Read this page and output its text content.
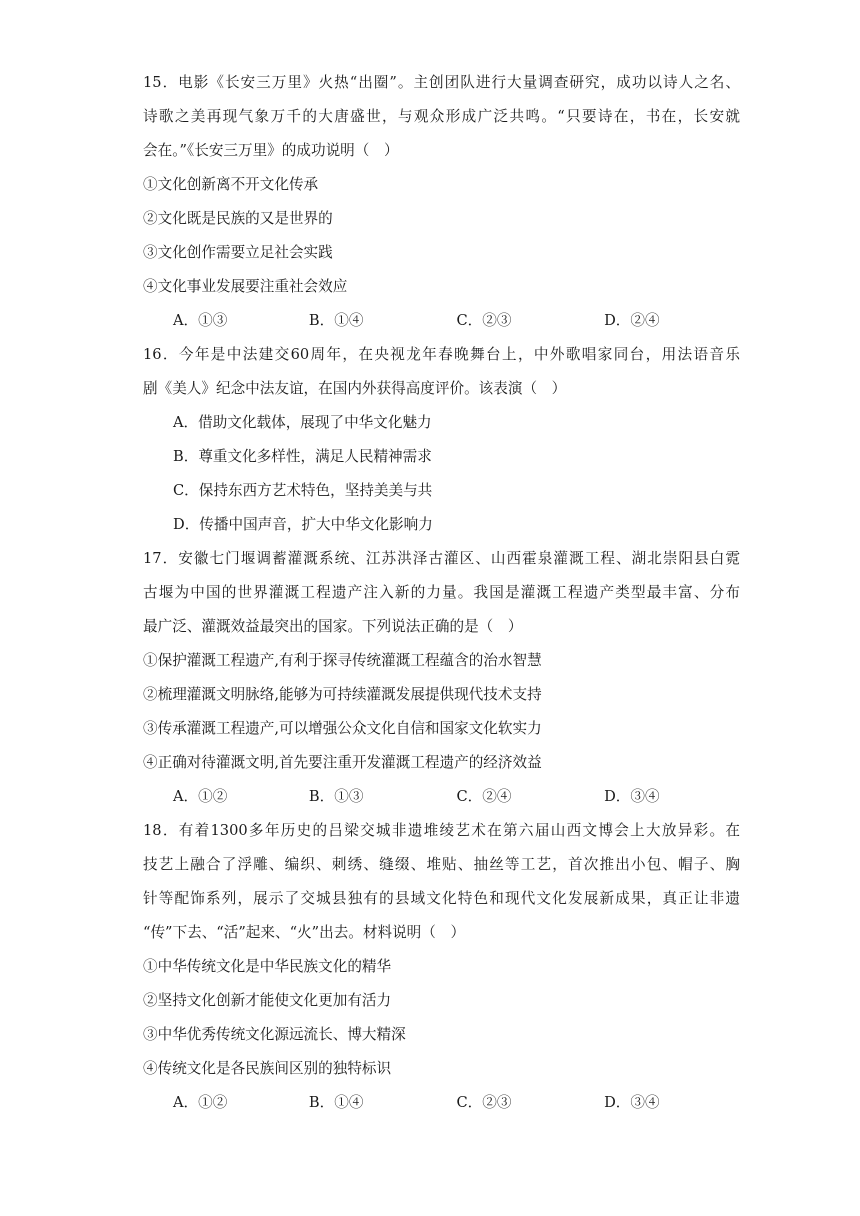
15．电影《长安三万里》火热“出圈”。主创团队进行大量调查研究，成功以诗人之名、
诗歌之美再现气象万千的大唐盛世，与观众形成广泛共鸣。“只要诗在，书在，长安就
会在。”《长安三万里》的成功说明（　）
①文化创新离不开文化传承
②文化既是民族的又是世界的
③文化创作需要立足社会实践
④文化事业发展要注重社会效应
A．①③	B．①④	C．②③	D．②④
16．今年是中法建交60周年，在央视龙年春晚舞台上，中外歌唱家同台，用法语音乐
剧《美人》纪念中法友谊，在国内外获得高度评价。该表演（　）
A．借助文化载体，展现了中华文化魅力
B．尊重文化多样性，满足人民精神需求
C．保持东西方艺术特色，坚持美美与共
D．传播中国声音，扩大中华文化影响力
17．安徽七门堰调蓄灌溉系统、江苏洪泽古灌区、山西霍泉灌溉工程、湖北崇阳县白霓
古堰为中国的世界灌溉工程遗产注入新的力量。我国是灌溉工程遗产类型最丰富、分布
最广泛、灌溉效益最突出的国家。下列说法正确的是（　）
①保护灌溉工程遗产,有利于探寻传统灌溉工程蕴含的治水智慧
②梳理灌溉文明脉络,能够为可持续灌溉发展提供现代技术支持
③传承灌溉工程遗产,可以增强公众文化自信和国家文化软实力
④正确对待灌溉文明,首先要注重开发灌溉工程遗产的经济效益
A．①②	B．①③	C．②④	D．③④
18．有着1300多年历史的吕梁交城非遗堆绫艺术在第六届山西文博会上大放异彩。在
技艺上融合了浮雕、编织、刺绣、缝缀、堆贴、抽丝等工艺，首次推出小包、帽子、胸
针等配饰系列，展示了交城县独有的县域文化特色和现代文化发展新成果，真正让非遗
“传”下去、“活”起来、“火”出去。材料说明（　）
①中华传统文化是中华民族文化的精华
②坚持文化创新才能使文化更加有活力
③中华优秀传统文化源远流长、博大精深
④传统文化是各民族间区别的独特标识
A．①②	B．①④	C．②③	D．③④
